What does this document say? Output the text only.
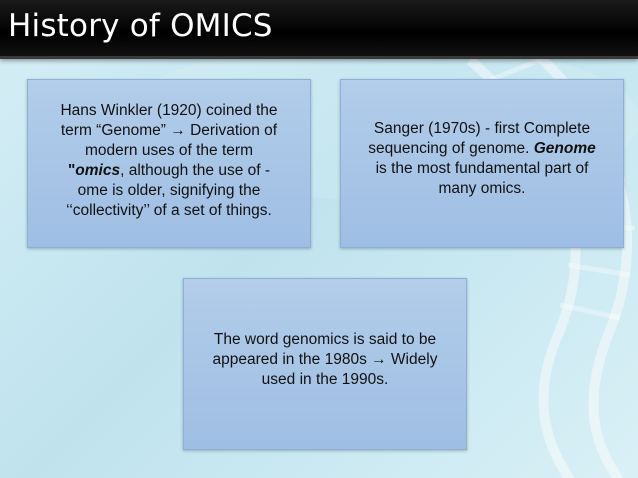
History of OMICS

Hans Winkler (1920) coined the
term “Genome” → Derivation of
modern uses of the term
"omics, although the use of -
ome is older, signifying the
‘‘collectivity’’ of a set of things.

Sanger (1970s) - first Complete
sequencing of genome. Genome
is the most fundamental part of
many omics.

The word genomics is said to be
appeared in the 1980s → Widely
used in the 1990s.
